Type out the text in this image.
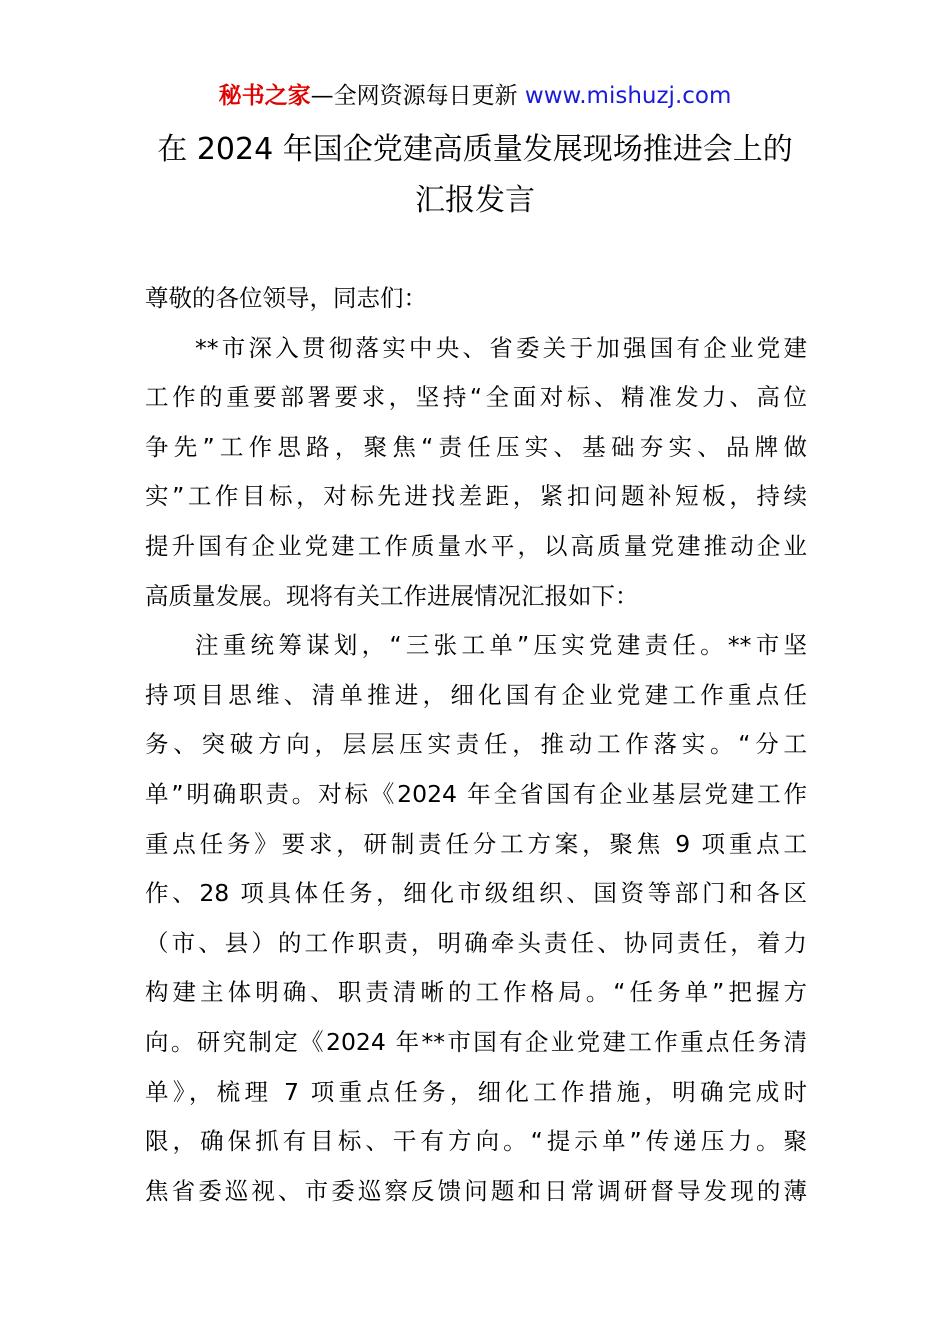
秘书之家—全网资源每日更新 www.mishuzj.com
在 2024 年国企党建高质量发展现场推进会上的
汇报发言

尊敬的各位领导，同志们：

**市深入贯彻落实中央、省委关于加强国有企业党建
工作的重要部署要求，坚持“全面对标、精准发力、高位
争先”工作思路，聚焦“责任压实、基础夯实、品牌做
实”工作目标，对标先进找差距，紧扣问题补短板，持续
提升国有企业党建工作质量水平，以高质量党建推动企业
高质量发展。现将有关工作进展情况汇报如下：
注重统筹谋划，“三张工单”压实党建责任。**市坚
持项目思维、清单推进，细化国有企业党建工作重点任
务、突破方向，层层压实责任，推动工作落实。“分工
单”明确职责。对标《2024 年全省国有企业基层党建工作
重点任务》要求，研制责任分工方案，聚焦 9 项重点工
作、28 项具体任务，细化市级组织、国资等部门和各区
（市、县）的工作职责，明确牵头责任、协同责任，着力
构建主体明确、职责清晰的工作格局。“任务单”把握方
向。研究制定《2024 年**市国有企业党建工作重点任务清
单》，梳理 7 项重点任务，细化工作措施，明确完成时
限，确保抓有目标、干有方向。“提示单”传递压力。聚
焦省委巡视、市委巡察反馈问题和日常调研督导发现的薄
